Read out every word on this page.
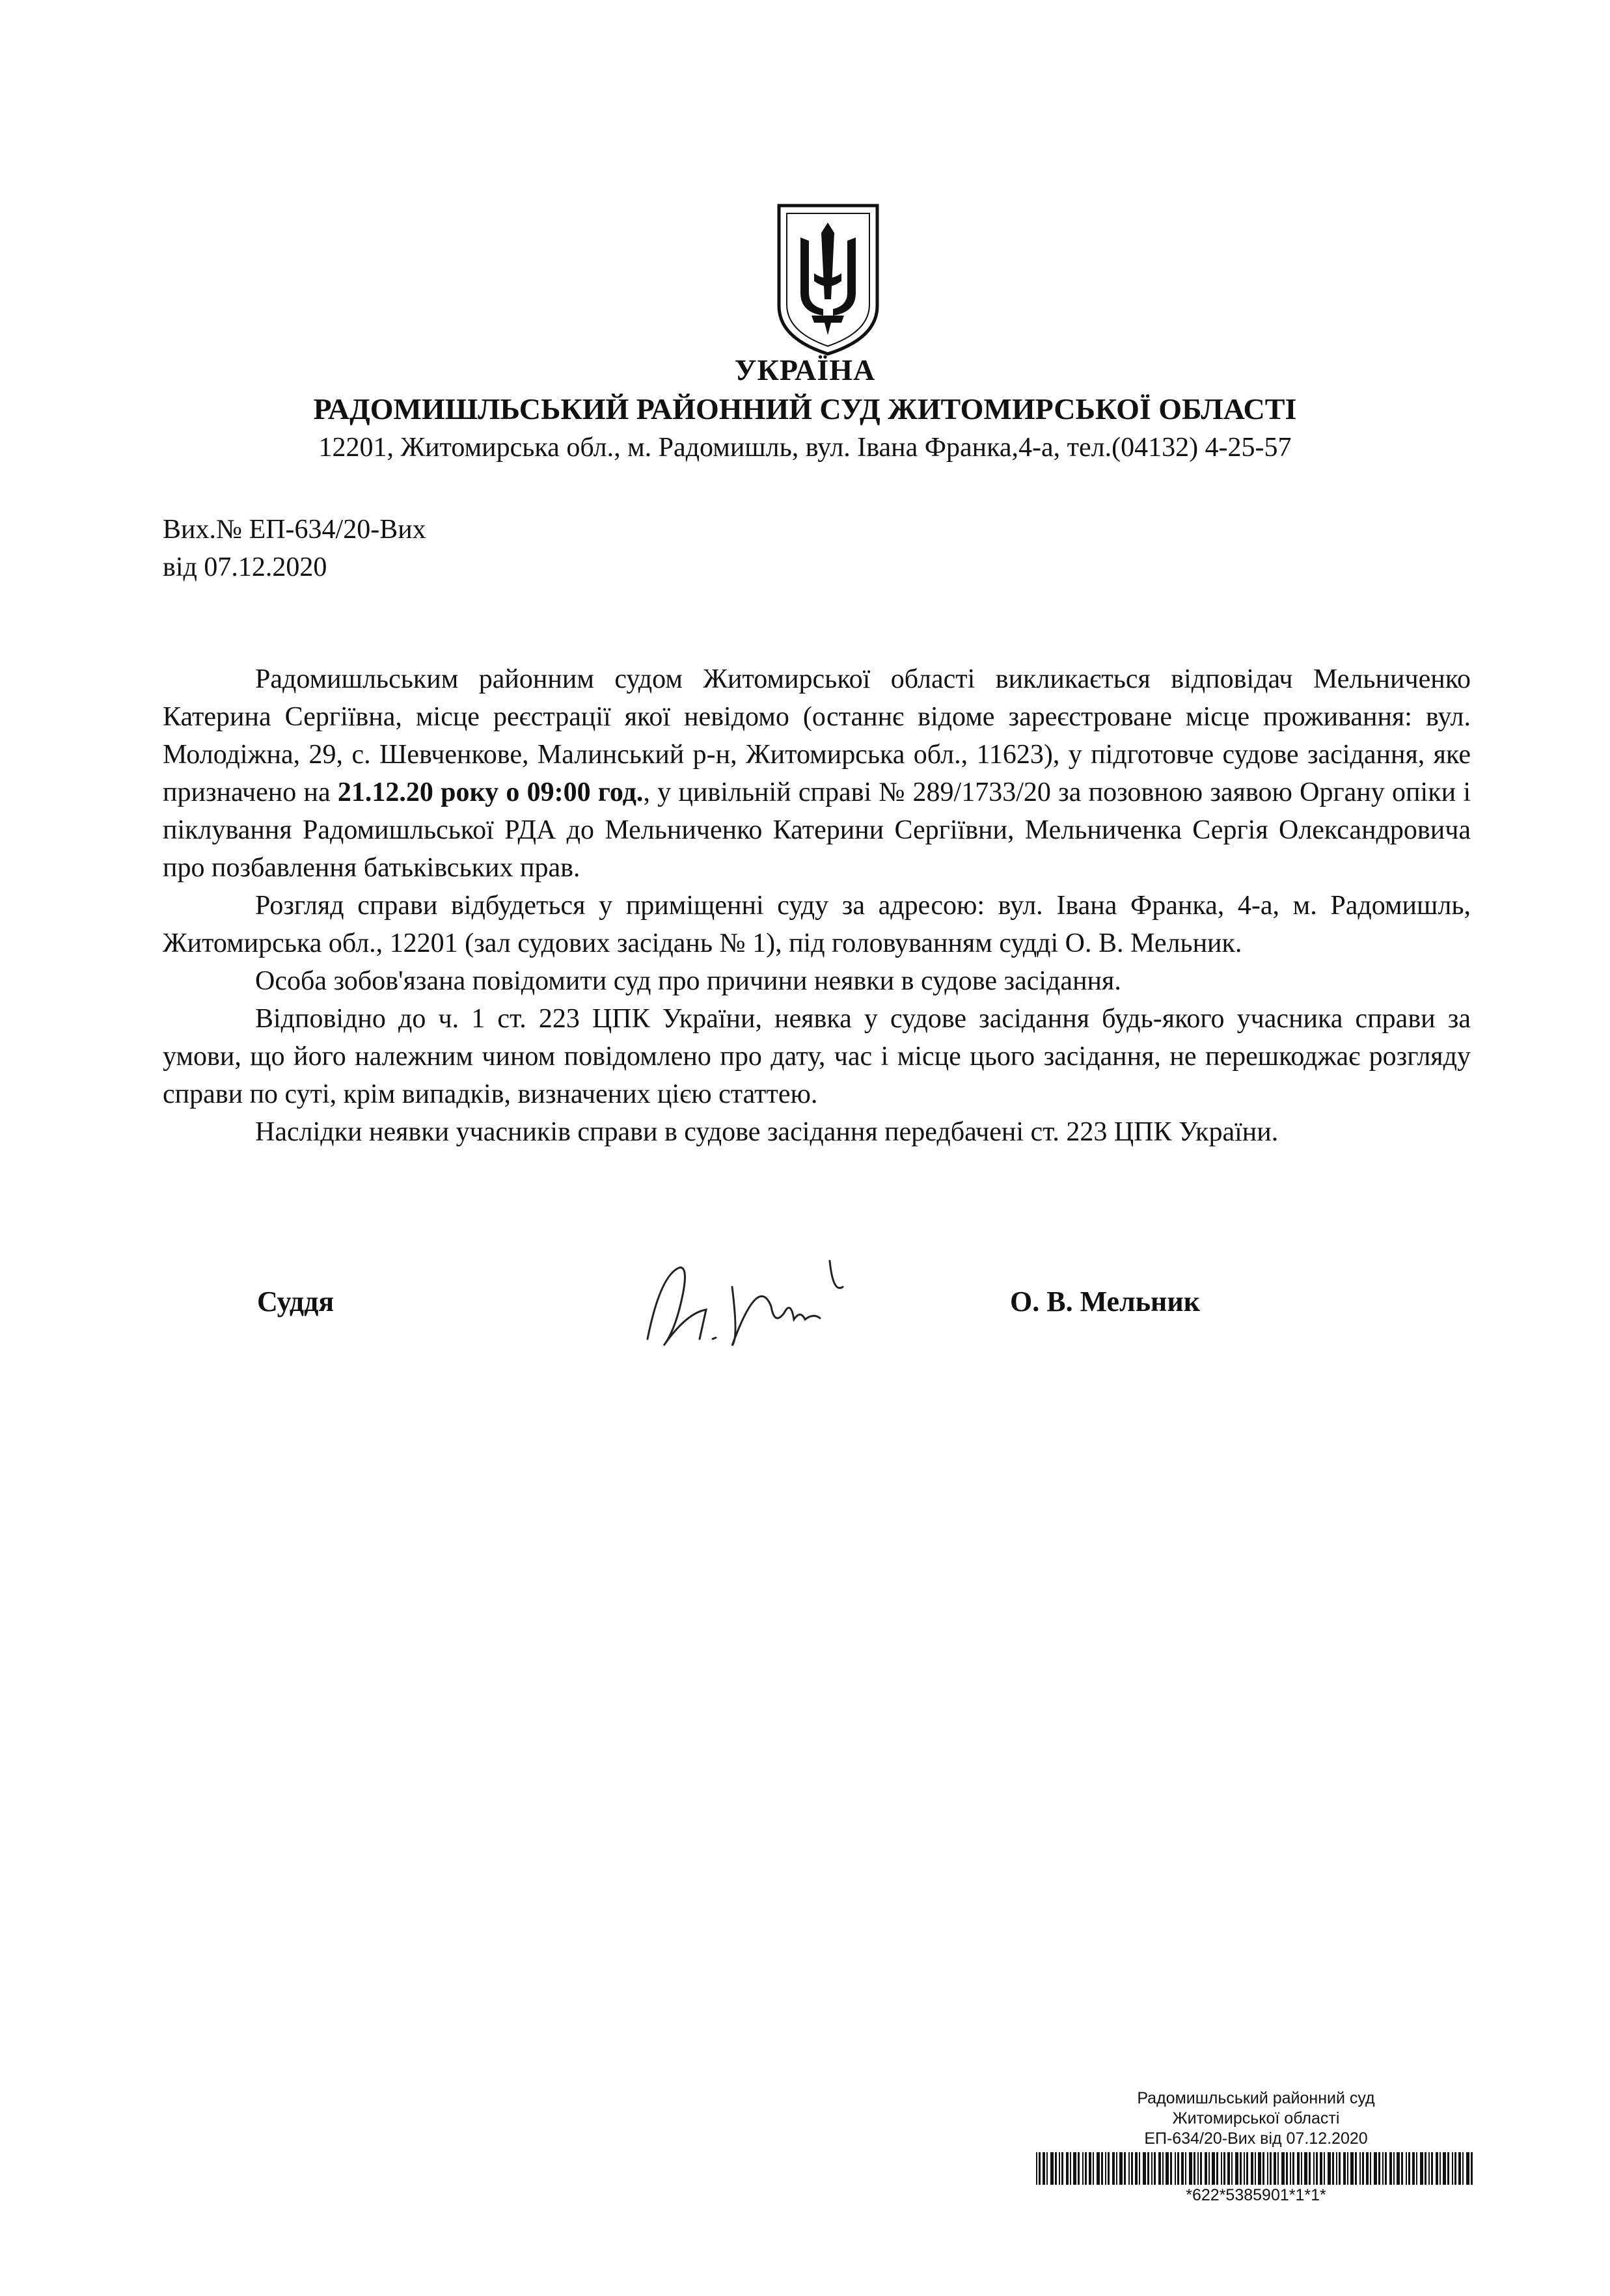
УКРАЇНА
РАДОМИШЛЬСЬКИЙ РАЙОННИЙ СУД ЖИТОМИРСЬКОЇ ОБЛАСТІ
12201, Житомирська обл., м. Радомишль, вул. Івана Франка,4-а, тел.(04132) 4-25-57
Вих.№ ЕП-634/20-Вих
від 07.12.2020

Радомишльським районним судом Житомирської області викликається відповідач Мельниченко Катерина Сергіївна, місце реєстрації якої невідомо (останнє відоме зареєстроване місце проживання: вул. Молодіжна, 29, с. Шевченкове, Малинський р-н, Житомирська обл., 11623), у підготовче судове засідання, яке призначено на 21.12.20 року о 09:00 год., у цивільній справі № 289/1733/20 за позовною заявою Органу опіки і піклування Радомишльської РДА до Мельниченко Катерини Сергіївни, Мельниченка Сергія Олександровича про позбавлення батьківських прав.

Розгляд справи відбудеться у приміщенні суду за адресою: вул. Івана Франка, 4-а, м. Радомишль, Житомирська обл., 12201 (зал судових засідань № 1), під головуванням судді О. В. Мельник.

Особа зобов'язана повідомити суд про причини неявки в судове засідання.

Відповідно до ч. 1 ст. 223 ЦПК України, неявка у судове засідання будь-якого учасника справи за умови, що його належним чином повідомлено про дату, час і місце цього засідання, не перешкоджає розгляду справи по суті, крім випадків, визначених цією статтею.

Наслідки неявки учасників справи в судове засідання передбачені ст. 223 ЦПК України.

Суддя	О. В. Мельник
Радомишльський районний суд
Житомирської області
ЕП-634/20-Вих від 07.12.2020
*622*5385901*1*1*
